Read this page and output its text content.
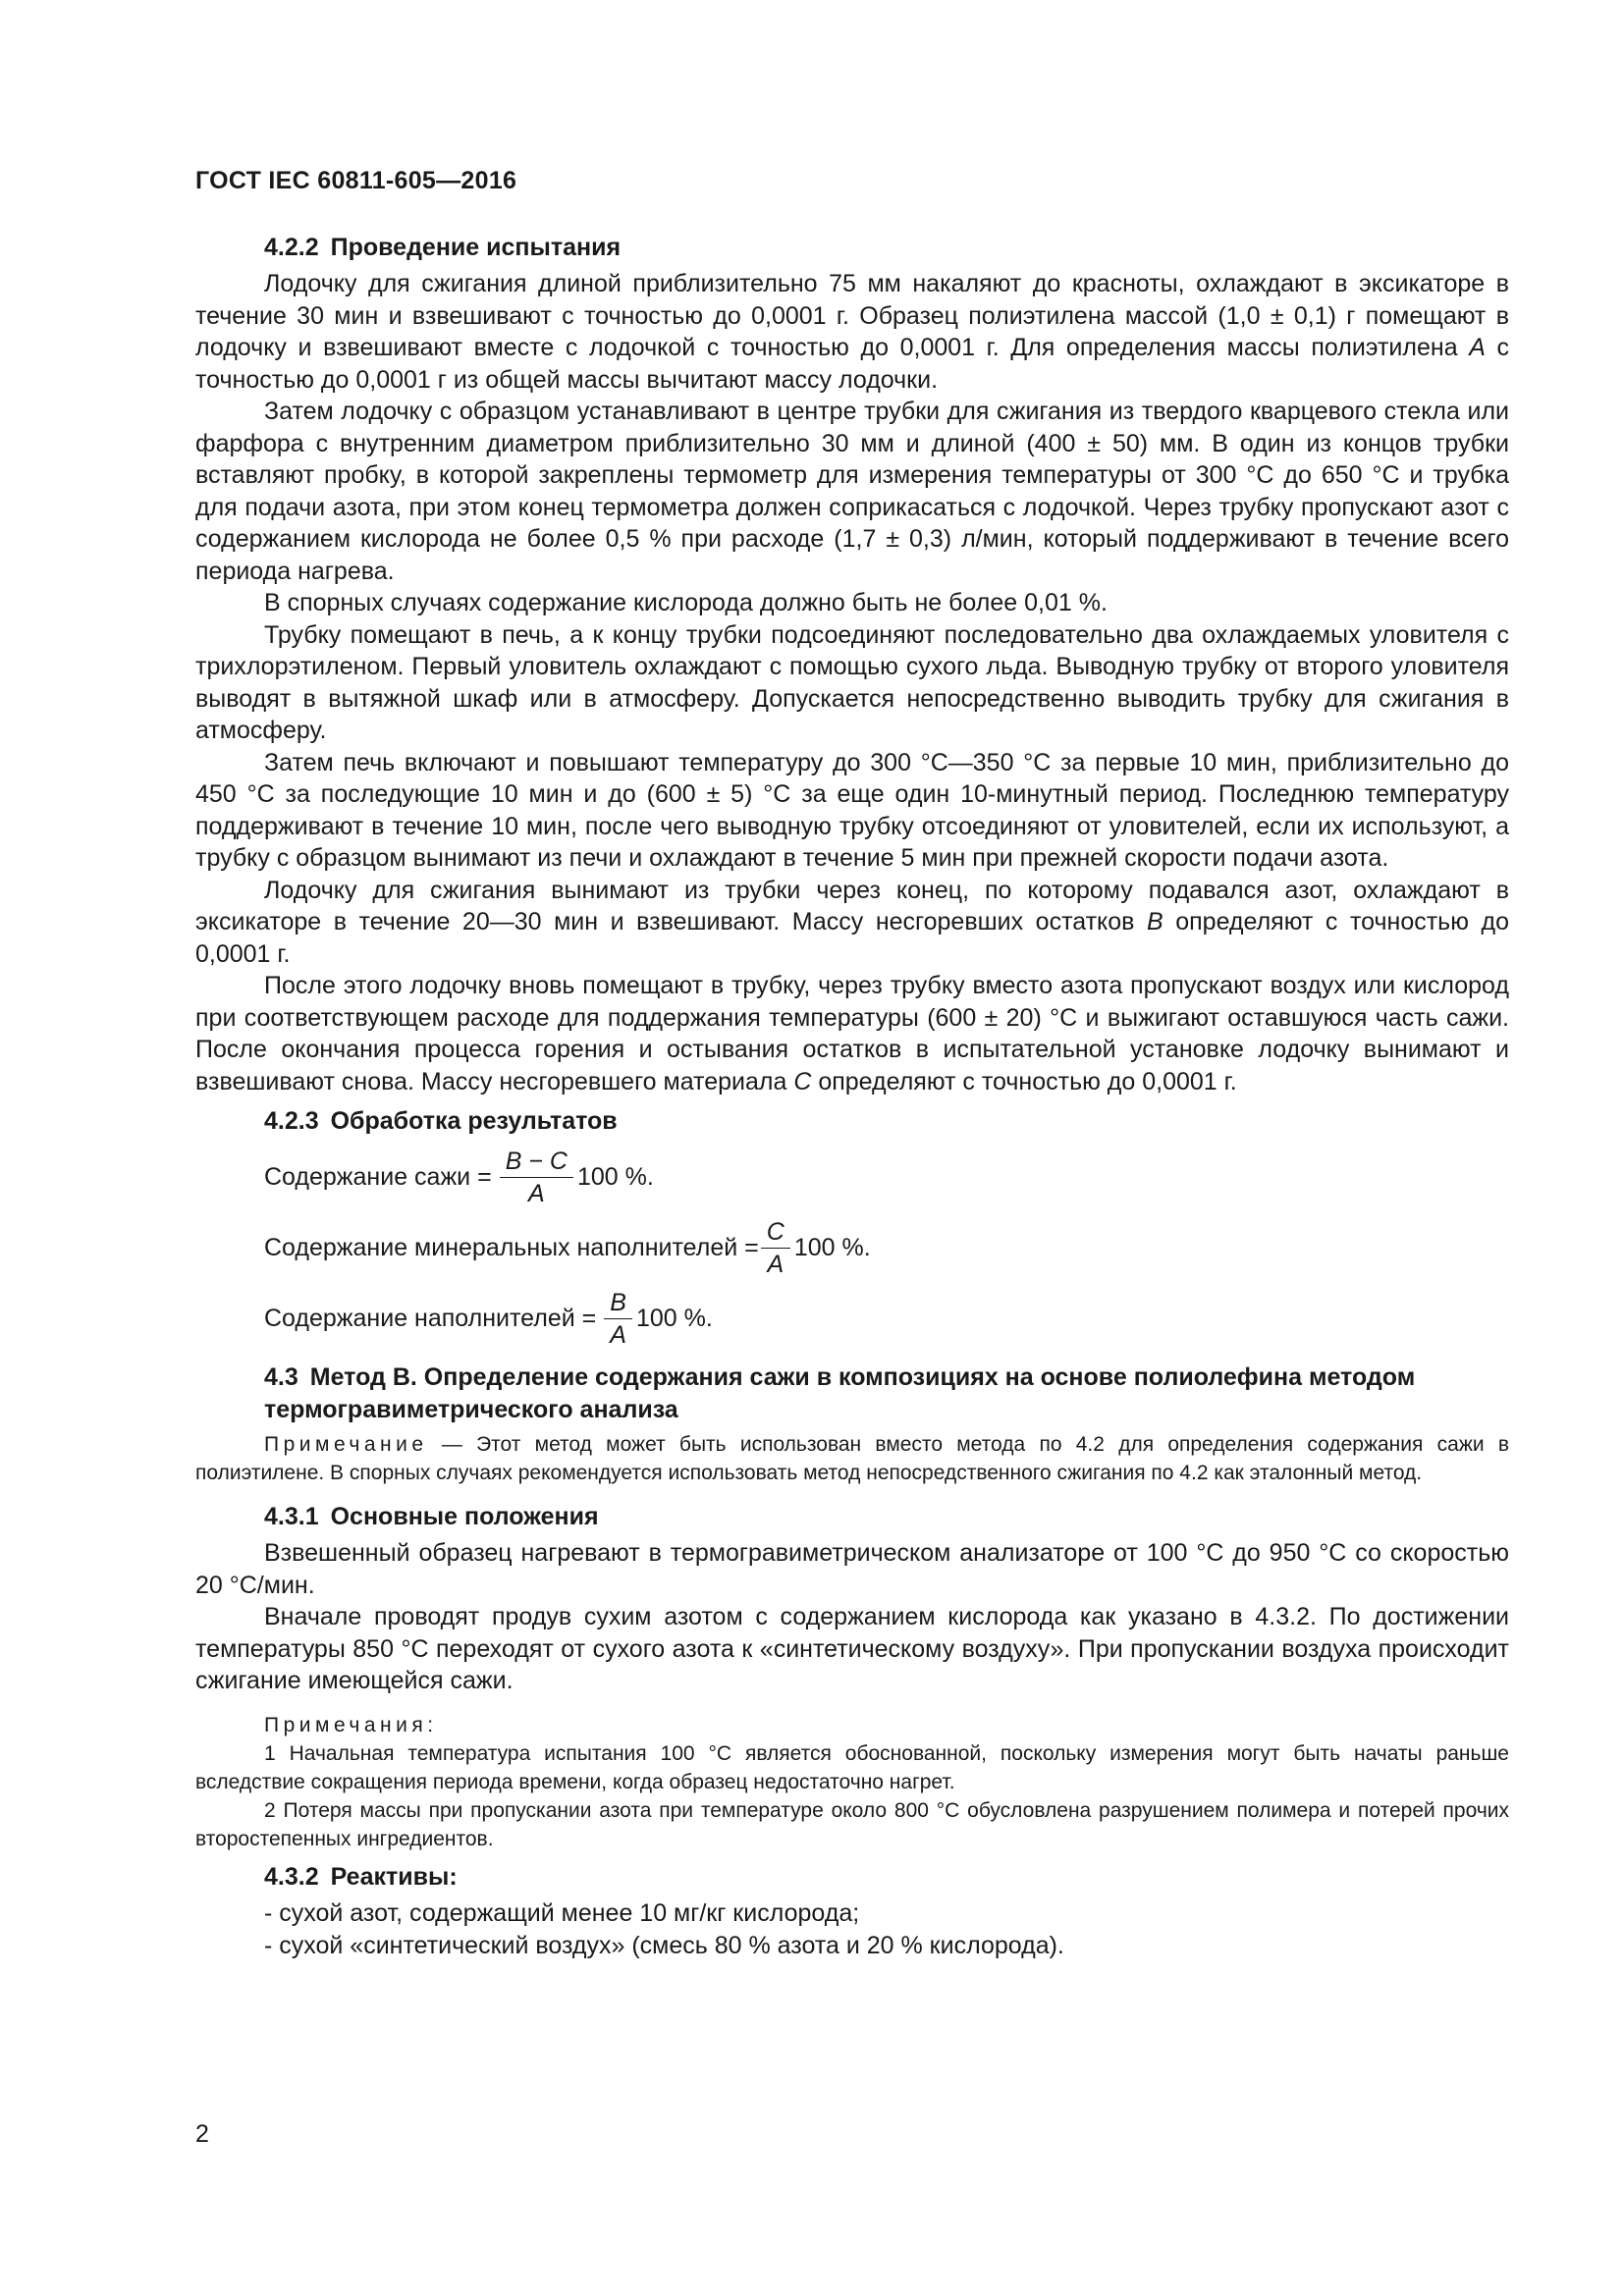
ГОСТ IEC 60811-605—2016
4.2.2 Проведение испытания

Лодочку для сжигания длиной приблизительно 75 мм накаляют до красноты, охлаждают в эксикаторе в течение 30 мин и взвешивают с точностью до 0,0001 г. Образец полиэтилена массой (1,0 ± 0,1) г помещают в лодочку и взвешивают вместе с лодочкой с точностью до 0,0001 г. Для определения массы полиэтилена A с точностью до 0,0001 г из общей массы вычитают массу лодочки.

Затем лодочку с образцом устанавливают в центре трубки для сжигания из твердого кварцевого стекла или фарфора с внутренним диаметром приблизительно 30 мм и длиной (400 ± 50) мм. В один из концов трубки вставляют пробку, в которой закреплены термометр для измерения температуры от 300 °С до 650 °С и трубка для подачи азота, при этом конец термометра должен соприкасаться с лодочкой. Через трубку пропускают азот с содержанием кислорода не более 0,5 % при расходе (1,7 ± 0,3) л/мин, который поддерживают в течение всего периода нагрева.

В спорных случаях содержание кислорода должно быть не более 0,01 %.

Трубку помещают в печь, а к концу трубки подсоединяют последовательно два охлаждаемых уловителя с трихлорэтиленом. Первый уловитель охлаждают с помощью сухого льда. Выводную трубку от второго уловителя выводят в вытяжной шкаф или в атмосферу. Допускается непосредственно выводить трубку для сжигания в атмосферу.

Затем печь включают и повышают температуру до 300 °С—350 °С за первые 10 мин, приблизительно до 450 °С за последующие 10 мин и до (600 ± 5) °С за еще один 10-минутный период. Последнюю температуру поддерживают в течение 10 мин, после чего выводную трубку отсоединяют от уловителей, если их используют, а трубку с образцом вынимают из печи и охлаждают в течение 5 мин при прежней скорости подачи азота.

Лодочку для сжигания вынимают из трубки через конец, по которому подавался азот, охлаждают в эксикаторе в течение 20—30 мин и взвешивают. Массу несгоревших остатков B определяют с точностью до 0,0001 г.

После этого лодочку вновь помещают в трубку, через трубку вместо азота пропускают воздух или кислород при соответствующем расходе для поддержания температуры (600 ± 20) °С и выжигают оставшуюся часть сажи. После окончания процесса горения и остывания остатков в испытательной установке лодочку вынимают и взвешивают снова. Массу несгоревшего материала C определяют с точностью до 0,0001 г.

4.2.3 Обработка результатов
Содержание сажи = $\frac{B - C}{A} 100$ %.
Содержание минеральных наполнителей = $\frac{C}{A} 100$ %.
Содержание наполнителей = $\frac{B}{A} 100$ %.
4.3 Метод В. Определение содержания сажи в композициях на основе полиолефина методом термогравиметрического анализа

Примечание — Этот метод может быть использован вместо метода по 4.2 для определения содержания сажи в полиэтилене. В спорных случаях рекомендуется использовать метод непосредственного сжигания по 4.2 как эталонный метод.

4.3.1 Основные положения

Взвешенный образец нагревают в термогравиметрическом анализаторе от 100 °С до 950 °С со скоростью 20 °С/мин.

Вначале проводят продув сухим азотом с содержанием кислорода как указано в 4.3.2. По достижении температуры 850 °С переходят от сухого азота к «синтетическому воздуху». При пропускании воздуха происходит сжигание имеющейся сажи.

Примечания:

1 Начальная температура испытания 100 °С является обоснованной, поскольку измерения могут быть начаты раньше вследствие сокращения периода времени, когда образец недостаточно нагрет.

2 Потеря массы при пропускании азота при температуре около 800 °С обусловлена разрушением полимера и потерей прочих второстепенных ингредиентов.

4.3.2 Реактивы:
- сухой азот, содержащий менее 10 мг/кг кислорода;
- сухой «синтетический воздух» (смесь 80 % азота и 20 % кислорода).
2
